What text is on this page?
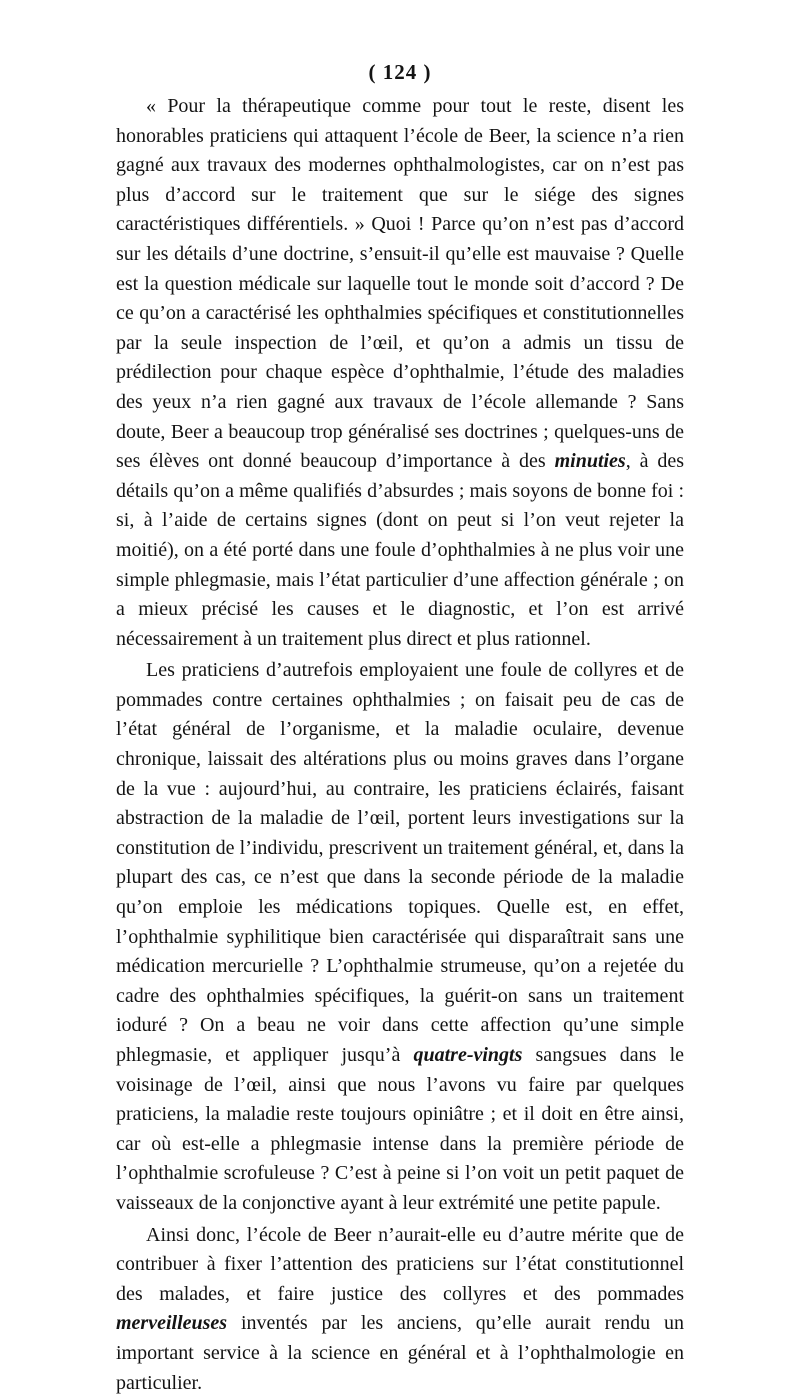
( 124 )

« Pour la thérapeutique comme pour tout le reste, disent les honorables praticiens qui attaquent l’école de Beer, la science n’a rien gagné aux travaux des modernes ophthalmologistes, car on n’est pas plus d’accord sur le traitement que sur le siége des signes caractéristiques différentiels. » Quoi ! Parce qu’on n’est pas d’accord sur les détails d’une doctrine, s’ensuit-il qu’elle est mauvaise ? Quelle est la question médicale sur laquelle tout le monde soit d’accord ? De ce qu’on a caractérisé les ophthalmies spécifiques et constitutionnelles par la seule inspection de l’œil, et qu’on a admis un tissu de prédilection pour chaque espèce d’ophthalmie, l’étude des maladies des yeux n’a rien gagné aux travaux de l’école allemande ? Sans doute, Beer a beaucoup trop généralisé ses doctrines ; quelques-uns de ses élèves ont donné beaucoup d’importance à des minuties, à des détails qu’on a même qualifiés d’absurdes ; mais soyons de bonne foi : si, à l’aide de certains signes (dont on peut si l’on veut rejeter la moitié), on a été porté dans une foule d’ophthalmies à ne plus voir une simple phlegmasie, mais l’état particulier d’une affection générale ; on a mieux précisé les causes et le diagnostic, et l’on est arrivé nécessairement à un traitement plus direct et plus rationnel.

Les praticiens d’autrefois employaient une foule de collyres et de pommades contre certaines ophthalmies ; on faisait peu de cas de l’état général de l’organisme, et la maladie oculaire, devenue chronique, laissait des altérations plus ou moins graves dans l’organe de la vue : aujourd’hui, au contraire, les praticiens éclairés, faisant abstraction de la maladie de l’œil, portent leurs investigations sur la constitution de l’individu, prescrivent un traitement général, et, dans la plupart des cas, ce n’est que dans la seconde période de la maladie qu’on emploie les médications topiques. Quelle est, en effet, l’ophthalmie syphilitique bien caractérisée qui disparaîtrait sans une médication mercurielle ? L’ophthalmie strumeuse, qu’on a rejetée du cadre des ophthalmies spécifiques, la guérit-on sans un traitement ioduré ? On a beau ne voir dans cette affection qu’une simple phlegmasie, et appliquer jusqu’à quatre-vingts sangsues dans le voisinage de l’œil, ainsi que nous l’avons vu faire par quelques praticiens, la maladie reste toujours opiniâtre ; et il doit en être ainsi, car où est-elle a phlegmasie intense dans la première période de l’ophthalmie scrofuleuse ? C’est à peine si l’on voit un petit paquet de vaisseaux de la conjonctive ayant à leur extrémité une petite papule.

Ainsi donc, l’école de Beer n’aurait-elle eu d’autre mérite que de contribuer à fixer l’attention des praticiens sur l’état constitutionnel des malades, et faire justice des collyres et des pommades merveilleuses inventés par les anciens, qu’elle aurait rendu un important service à la science en général et à l’ophthalmologie en particulier.
